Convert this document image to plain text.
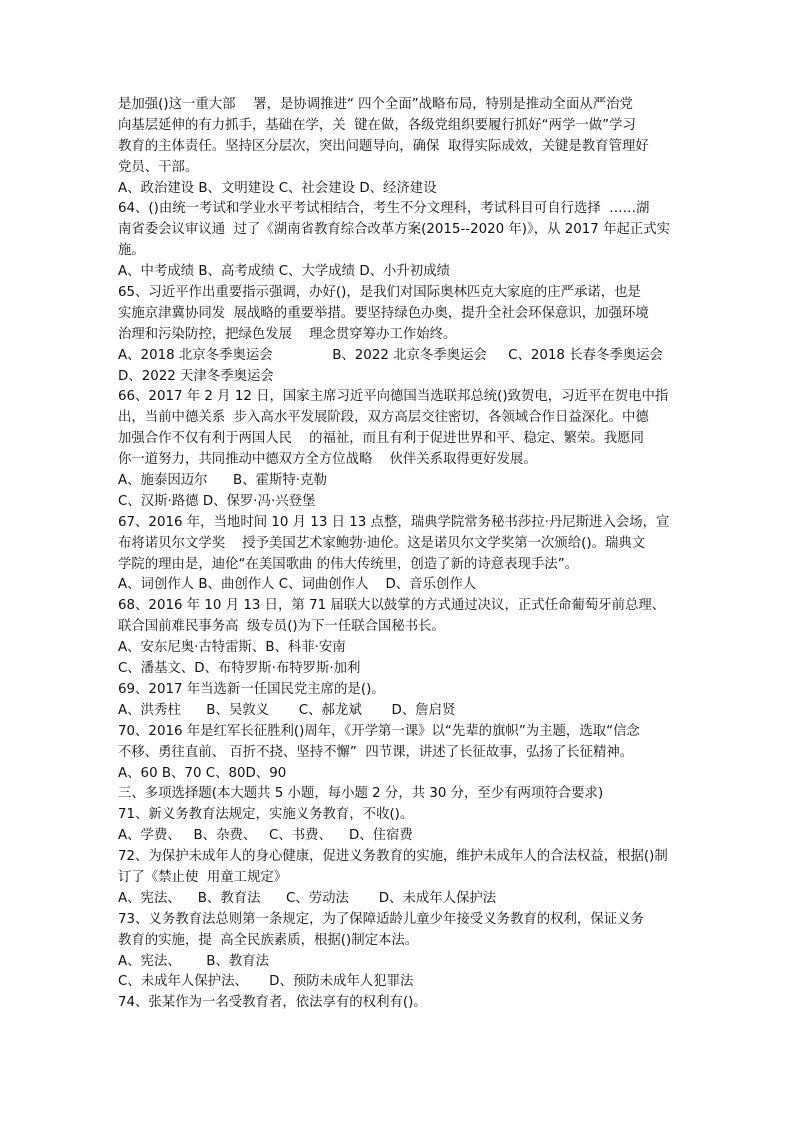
是加强()这一重大部　 署，是协调推进“ 四个全面”战略布局，特别是推动全面从严治党
向基层延伸的有力抓手，基础在学，关  键在做，各级党组织要履行抓好“两学一做”学习
教育的主体责任。坚持区分层次，突出问题导向，确保  取得实际成效，关键是教育管理好
党员、干部。
A、政治建设 B、文明建设 C、社会建设 D、经济建设
64、()由统一考试和学业水平考试相结合，考生不分文理科，考试科目可自行选择  ……湖
南省委会议审议通  过了《湖南省教育综合改革方案(2015--2020 年)》，从 2017 年起正式实
施。
A、中考成绩 B、高考成绩 C、大学成绩 D、小升初成绩
65、习近平作出重要指示强调，办好()，是我们对国际奥林匹克大家庭的庄严承诺，也是
实施京津冀协同发  展战略的重要举措。要坚持绿色办奥，提升全社会环保意识，加强环境
治理和污染防控，把绿色发展    理念贯穿筹办工作始终。
A、2018 北京冬季奥运会              B、2022 北京冬季奥运会     C、2018 长春冬季奥运会
D、2022 天津冬季奥运会
66、2017 年 2 月 12 日，国家主席习近平向德国当选联邦总统()致贺电，习近平在贺电中指
出，当前中德关系  步入高水平发展阶段，双方高层交往密切，各领域合作日益深化。中德
加强合作不仅有利于两国人民    的福祉，而且有利于促进世界和平、稳定、繁荣。我愿同
你一道努力，共同推动中德双方全方位战略    伙伴关系取得更好发展。
A、施泰因迈尔      B、霍斯特·克勒
C、汉斯·路德 D、保罗·冯·兴登堡
67、2016 年，当地时间 10 月 13 日 13 点整，瑞典学院常务秘书莎拉·丹尼斯进入会场，宣
布将诺贝尔文学奖    授予美国艺术家鲍勃·迪伦。这是诺贝尔文学奖第一次颁给()。瑞典文
学院的理由是，迪伦“在美国歌曲 的伟大传统里，创造了新的诗意表现手法”。
A、词创作人 B、曲创作人 C、词曲创作人    D、音乐创作人
68、2016 年 10 月 13 日，第 71 届联大以鼓掌的方式通过决议，正式任命葡萄牙前总理、
联合国前难民事务高  级专员()为下一任联合国秘书长。
A、安东尼奥·古特雷斯、B、科菲·安南
C、潘基文、D、布特罗斯·布特罗斯·加利
69、2017 年当选新一任国民党主席的是()。
A、洪秀柱      B、吴敦义       C、郝龙斌       D、詹启贤
70、2016 年是红军长征胜利()周年，《开学第一课》以“先辈的旗帜”为主题，选取“信念
不移、勇往直前、 百折不挠、坚持不懈”  四节课，讲述了长征故事，弘扬了长征精神。
A、60 B、70 C、80D、90
三、多项选择题(本大题共 5 小题，每小题 2 分，共 30 分，至少有两项符合要求)
71、新义务教育法规定，实施义务教育，不收()。
A、学费、   B、杂费、   C、书费、    D、住宿费
72、为保护未成年人的身心健康，促进义务教育的实施，维护未成年人的合法权益，根据()制
订了《禁止使  用童工规定》
A、宪法、    B、教育法      C、劳动法       D、未成年人保护法
73、义务教育法总则第一条规定，为了保障适龄儿童少年接受义务教育的权利，保证义务
教育的实施，提  高全民族素质，根据()制定本法。
A、宪法、      B、教育法
C、未成年人保护法、     D、预防未成年人犯罪法
74、张某作为一名受教育者，依法享有的权利有()。
